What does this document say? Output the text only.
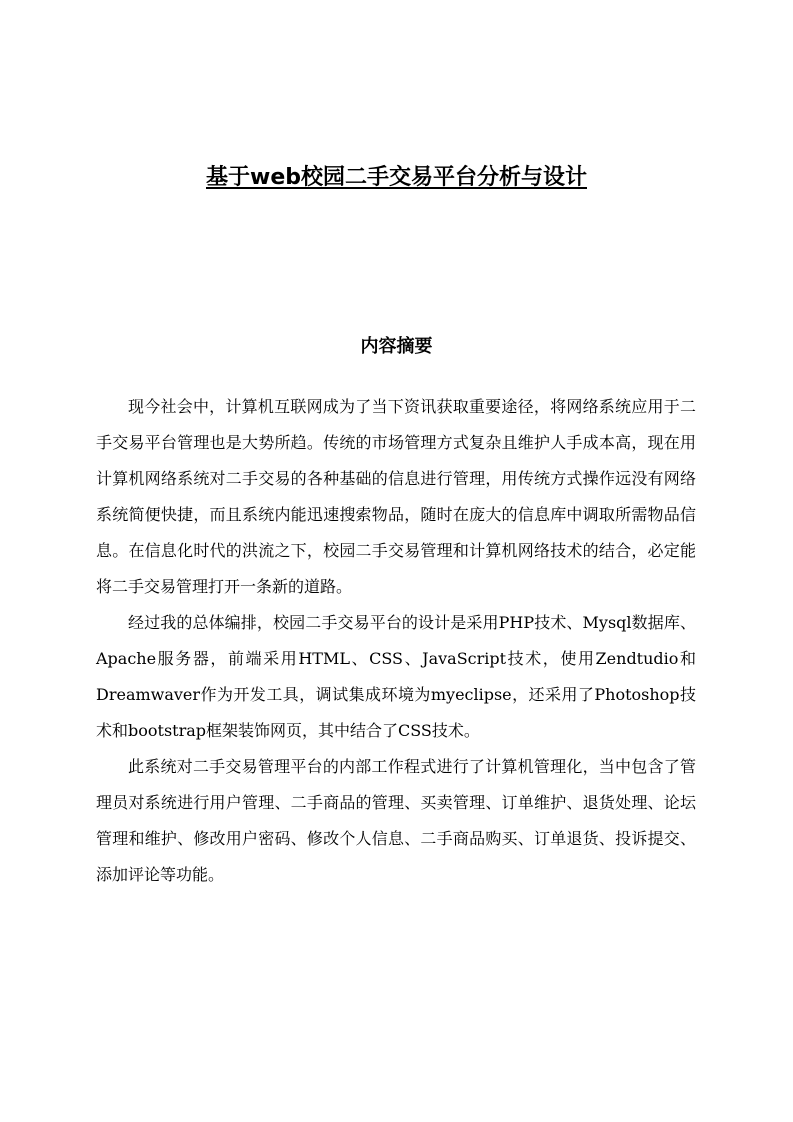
基于web校园二手交易平台分析与设计
内容摘要

现今社会中，计算机互联网成为了当下资讯获取重要途径，将网络系统应用于二手交易平台管理也是大势所趋。传统的市场管理方式复杂且维护人手成本高，现在用计算机网络系统对二手交易的各种基础的信息进行管理，用传统方式操作远没有网络系统简便快捷，而且系统内能迅速搜索物品，随时在庞大的信息库中调取所需物品信息。在信息化时代的洪流之下，校园二手交易管理和计算机网络技术的结合，必定能将二手交易管理打开一条新的道路。

经过我的总体编排，校园二手交易平台的设计是采用PHP技术、Mysql数据库、Apache服务器，前端采用HTML、CSS、JavaScript技术，使用Zendtudio和Dreamwaver作为开发工具，调试集成环境为myeclipse，还采用了Photoshop技术和bootstrap框架装饰网页，其中结合了CSS技术。

此系统对二手交易管理平台的内部工作程式进行了计算机管理化，当中包含了管理员对系统进行用户管理、二手商品的管理、买卖管理、订单维护、退货处理、论坛管理和维护、修改用户密码、修改个人信息、二手商品购买、订单退货、投诉提交、添加评论等功能。
